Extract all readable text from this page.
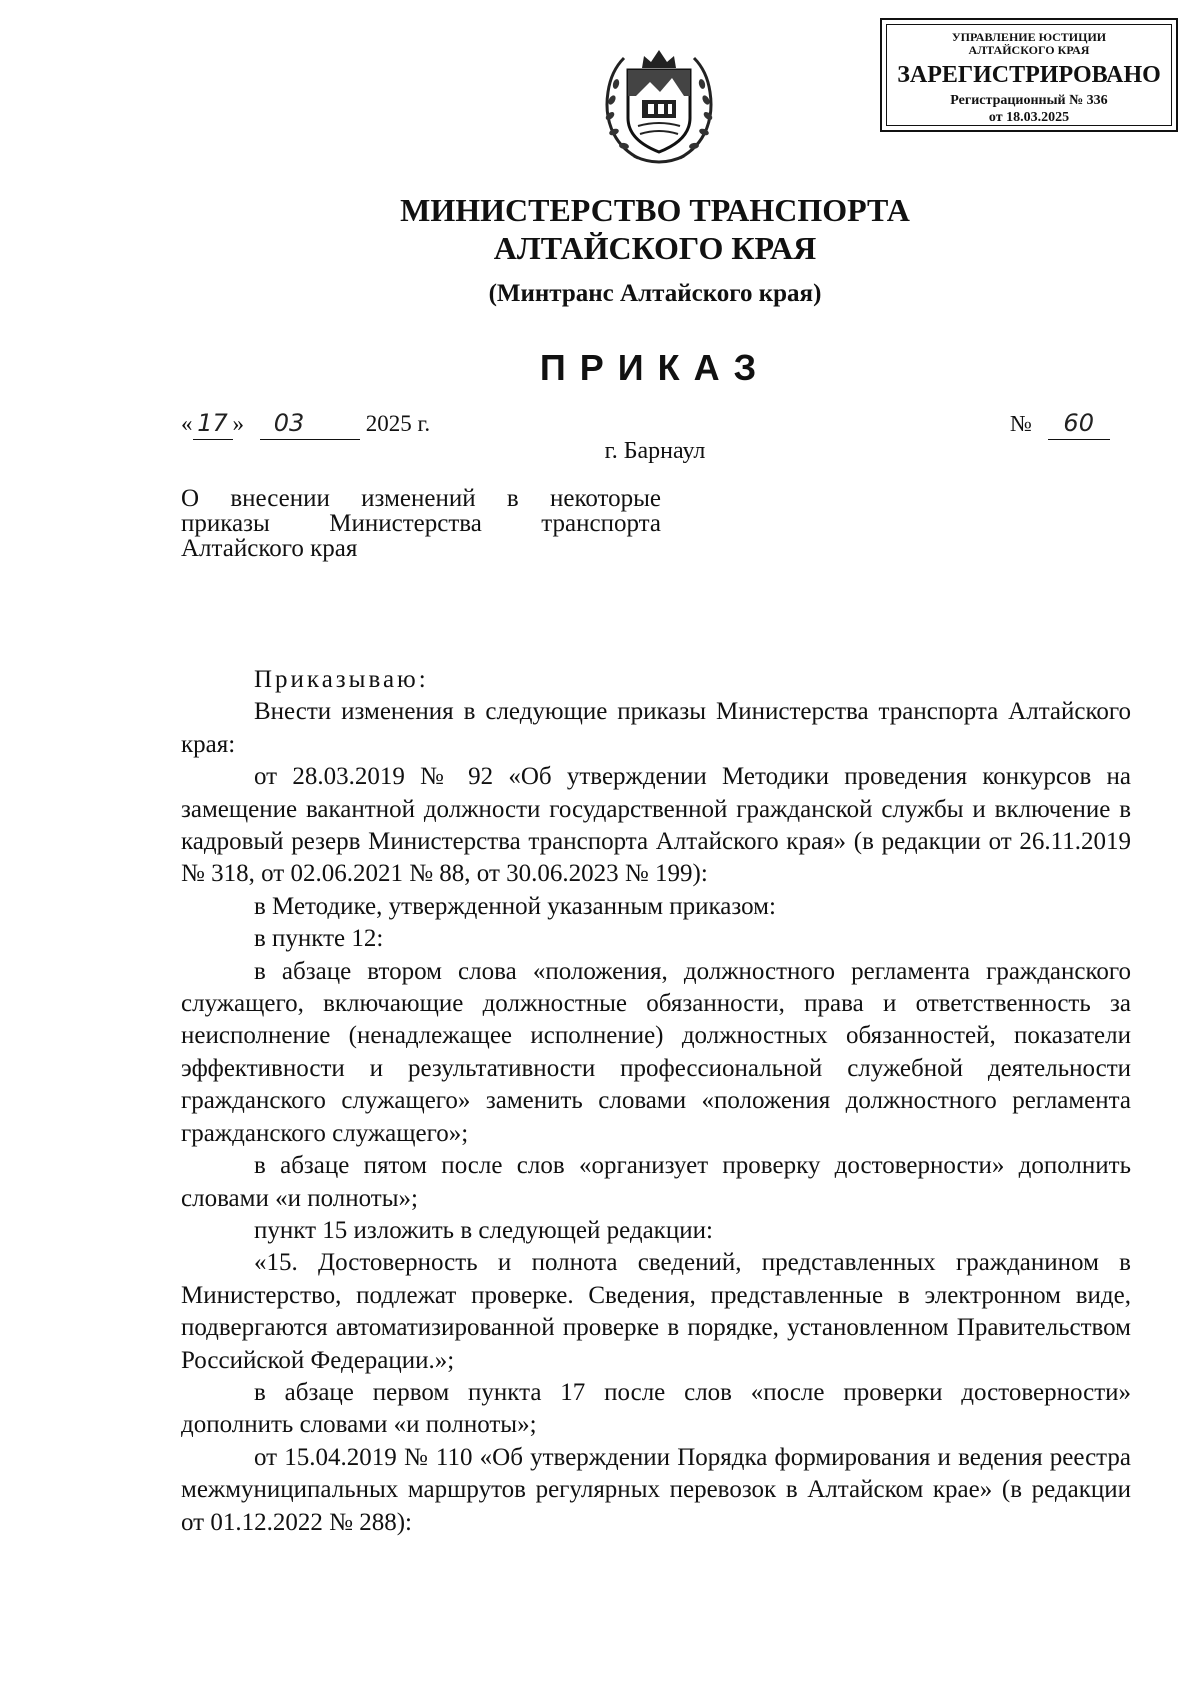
УПРАВЛЕНИЕ ЮСТИЦИИ
АЛТАЙСКОГО КРАЯ
ЗАРЕГИСТРИРОВАНО
Регистрационный № 336
от 18.03.2025
МИНИСТЕРСТВО ТРАНСПОРТА
АЛТАЙСКОГО КРАЯ
(Минтранс Алтайского края)
ПРИКАЗ
« 17 » 03	2025 г.	№ 60
г. Барнаул
О внесении изменений в некоторые
приказы Министерства транспорта
Алтайского края

Приказываю:

Внести изменения в следующие приказы Министерства транспорта Алтайского края:

от 28.03.2019 № 92 «Об утверждении Методики проведения конкурсов на замещение вакантной должности государственной гражданской службы и включение в кадровый резерв Министерства транспорта Алтайского края» (в редакции от 26.11.2019 № 318, от 02.06.2021 № 88, от 30.06.2023 № 199):

в Методике, утвержденной указанным приказом:

в пункте 12:

в абзаце втором слова «положения, должностного регламента гражданского служащего, включающие должностные обязанности, права и ответственность за неисполнение (ненадлежащее исполнение) должностных обязанностей, показатели эффективности и результативности профессиональной служебной деятельности гражданского служащего» заменить словами «положения должностного регламента гражданского служащего»;

в абзаце пятом после слов «организует проверку достоверности» дополнить словами «и полноты»;

пункт 15 изложить в следующей редакции:

«15. Достоверность и полнота сведений, представленных гражданином в Министерство, подлежат проверке. Сведения, представленные в электронном виде, подвергаются автоматизированной проверке в порядке, установленном Правительством Российской Федерации.»;

в абзаце первом пункта 17 после слов «после проверки достоверности» дополнить словами «и полноты»;

от 15.04.2019 № 110 «Об утверждении Порядка формирования и ведения реестра межмуниципальных маршрутов регулярных перевозок в Алтайском крае» (в редакции от 01.12.2022 № 288):
